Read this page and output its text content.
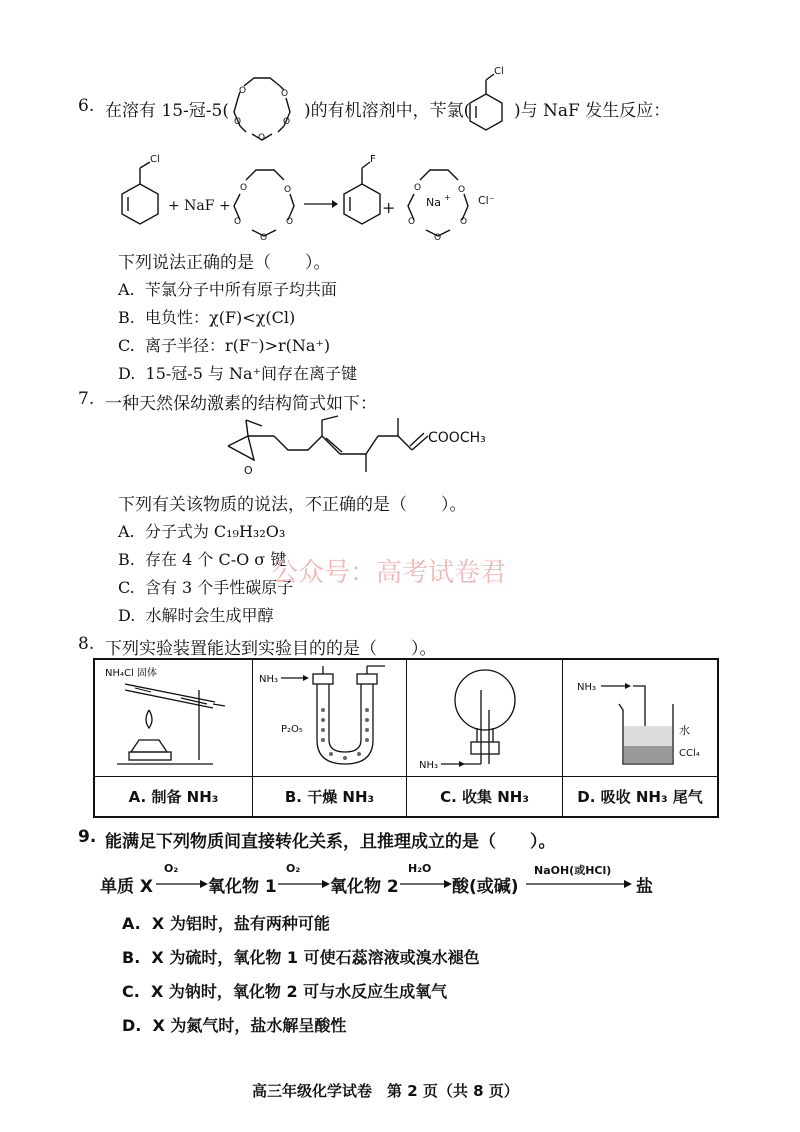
6. 在溶有 15-冠-5(
O	O
O	O
O
)的有机溶剂中，苄氯(
Cl
)与 NaF 发生反应：
Cl
+ NaF +
O	O
O	O
O
F
+
O	O
O	O
O
Na + Cl⁻
下列说法正确的是（　　）。
A. 苄氯分子中所有原子均共面
B. 电负性：χ(F)<χ(Cl)
C. 离子半径：r(F⁻)>r(Na⁺)
D. 15-冠-5 与 Na⁺间存在离子键
7. 一种天然保幼激素的结构简式如下：
O
COOCH₃
下列有关该物质的说法，不正确的是（　　）。
A. 分子式为 C₁₉H₃₂O₃
B. 存在 4 个 C-O σ 键
C. 含有 3 个手性碳原子
D. 水解时会生成甲醇
公众号：高考试卷君
8. 下列实验装置能达到实验目的的是（　　）。
NH₄Cl 固体
NH₃
P₂O₅
NH₃
NH₃
水
CCl₄
A. 制备 NH₃	B. 干燥 NH₃	C. 收集 NH₃	D. 吸收 NH₃ 尾气
9. 能满足下列物质间直接转化关系，且推理成立的是（　　）。
单质 X
O₂
氧化物 1
O₂
氧化物 2
H₂O
酸(或碱)
NaOH(或HCl)
盐
A. X 为铝时，盐有两种可能
B. X 为硫时，氧化物 1 可使石蕊溶液或溴水褪色
C. X 为钠时，氧化物 2 可与水反应生成氧气
D. X 为氮气时，盐水解呈酸性
高三年级化学试卷　第 2 页（共 8 页）
